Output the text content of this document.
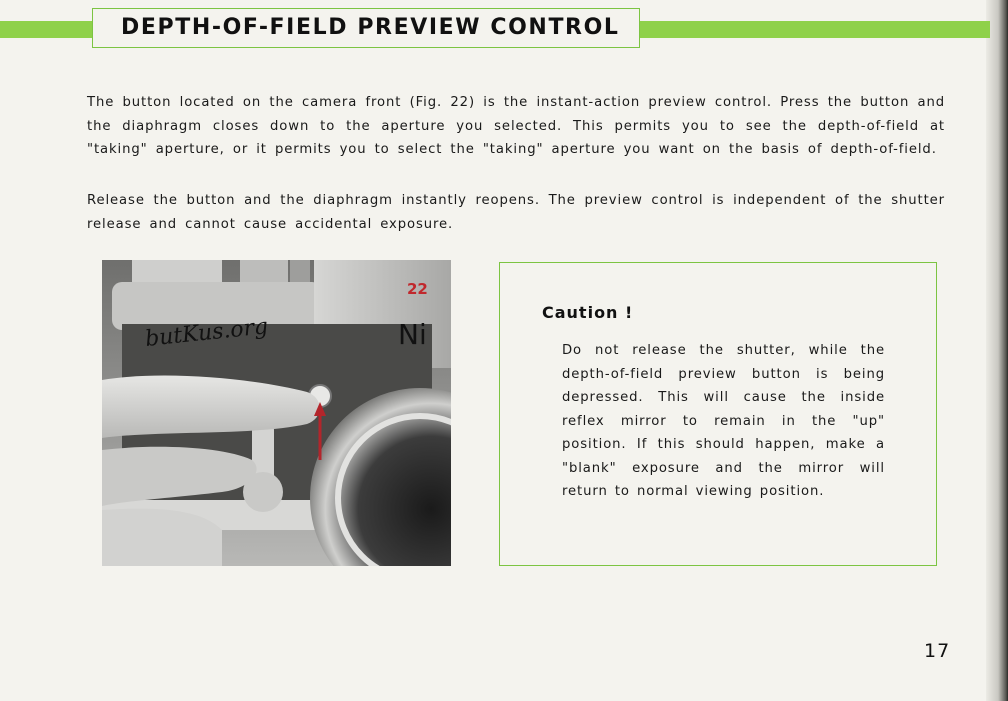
DEPTH-OF-FIELD PREVIEW CONTROL

The button located on the camera front (Fig. 22) is the instant-action preview control. Press the button and the diaphragm closes down to the aperture you selected. This permits you to see the depth-of-field at "taking" aperture, or it permits you to select the "taking" aperture you want on the basis of depth-of-field.

Release the button and the diaphragm instantly reopens. The preview control is independent of the shutter release and cannot cause accidental exposure.

butKus.org	Ni
22
Caution !

Do not release the shutter, while the depth-of-field preview button is being depressed. This will cause the inside reflex mirror to remain in the "up" position. If this should happen, make a "blank" exposure and the mirror will return to normal viewing position.

17
